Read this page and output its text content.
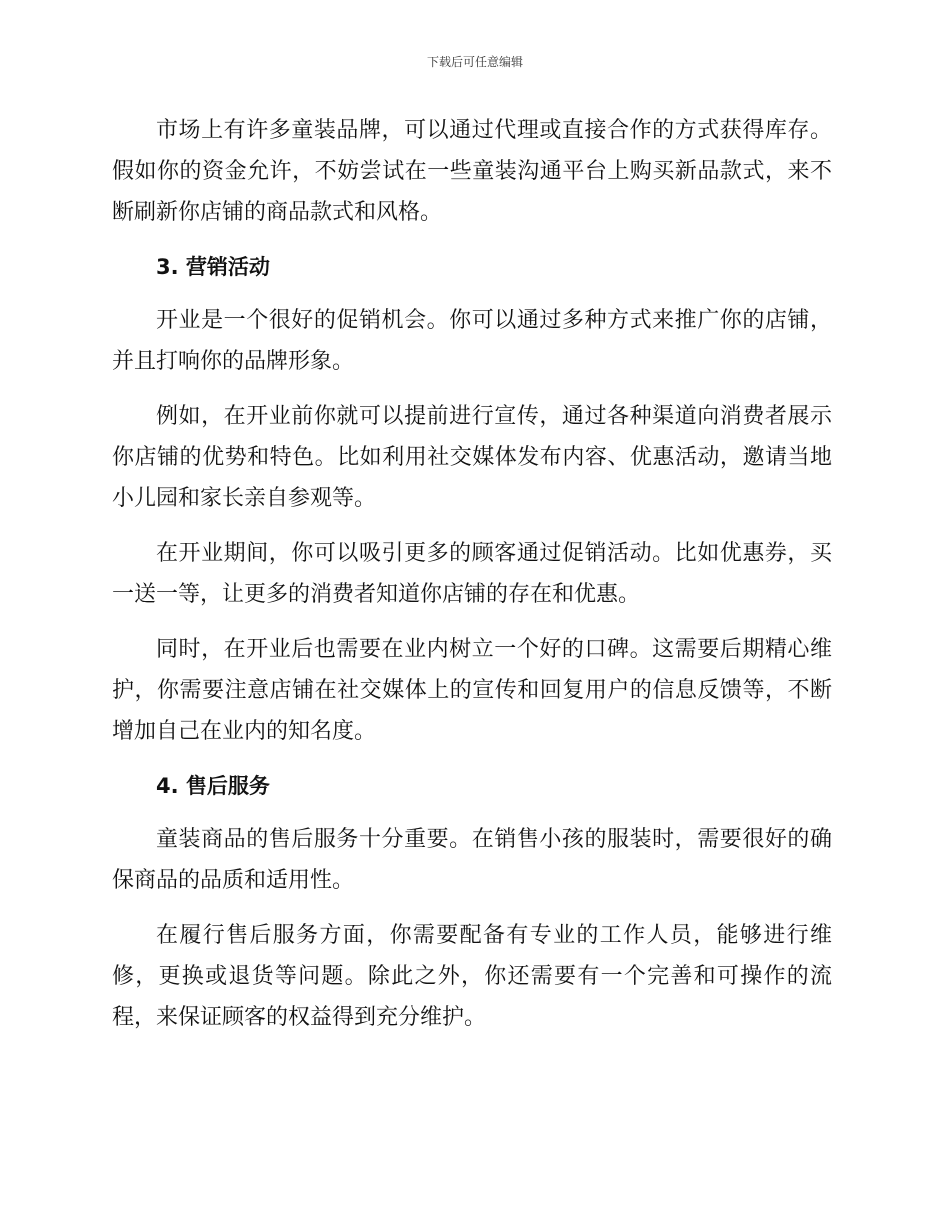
下载后可任意编辑

市场上有许多童装品牌，可以通过代理或直接合作的方式获得库存。假如你的资金允许，不妨尝试在一些童装沟通平台上购买新品款式，来不断刷新你店铺的商品款式和风格。

3. 营销活动

开业是一个很好的促销机会。你可以通过多种方式来推广你的店铺，并且打响你的品牌形象。

例如，在开业前你就可以提前进行宣传，通过各种渠道向消费者展示你店铺的优势和特色。比如利用社交媒体发布内容、优惠活动，邀请当地小儿园和家长亲自参观等。

在开业期间，你可以吸引更多的顾客通过促销活动。比如优惠券，买一送一等，让更多的消费者知道你店铺的存在和优惠。

同时，在开业后也需要在业内树立一个好的口碑。这需要后期精心维护，你需要注意店铺在社交媒体上的宣传和回复用户的信息反馈等，不断增加自己在业内的知名度。

4. 售后服务

童装商品的售后服务十分重要。在销售小孩的服装时，需要很好的确保商品的品质和适用性。

在履行售后服务方面，你需要配备有专业的工作人员，能够进行维修，更换或退货等问题。除此之外，你还需要有一个完善和可操作的流程，来保证顾客的权益得到充分维护。
